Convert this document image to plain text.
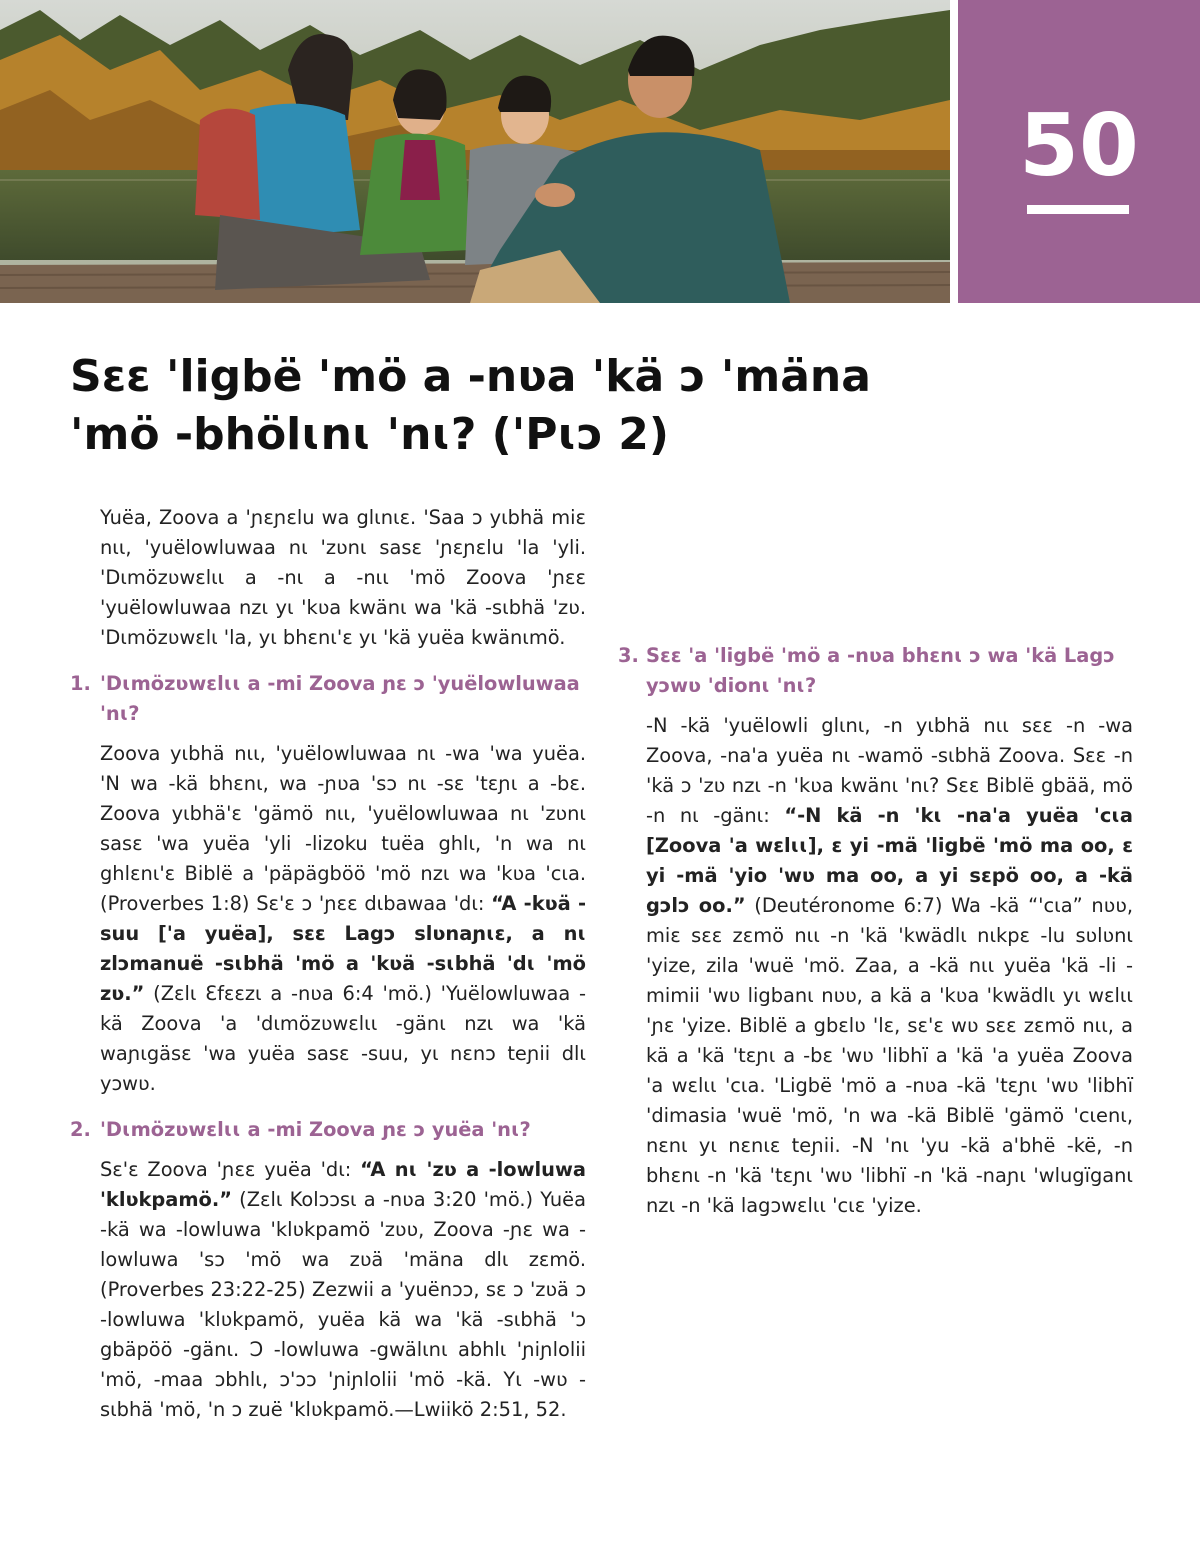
50
Sɛɛ 'ligbë 'mö a -nʋa 'kä ɔ 'mäna 'mö -bhölɩnɩ 'nɩ? ('Pɩɔ 2)

Yuëa, Zoova a 'ɲɛɲɛlu wa glɩnɩɛ. 'Saa ɔ yɩbhä miɛ nɩɩ, 'yuëlowluwaa nɩ 'zʋnɩ sasɛ 'ɲɛɲɛlu 'la 'yli. 'Dɩmözʋwɛlɩɩ a -nɩ a -nɩɩ 'mö Zoova 'ɲɛɛ 'yuëlowluwaa nzɩ yɩ 'kʋa kwänɩ wa 'kä -sɩbhä 'zʋ. 'Dɩmözʋwɛlɩ 'la, yɩ bhɛnɩ'ɛ yɩ 'kä yuëa kwänɩmö.

1. 'Dɩmözʋwɛlɩɩ a -mi Zoova ɲɛ ɔ 'yuëlowluwaa 'nɩ?

Zoova yɩbhä nɩɩ, 'yuëlowluwaa nɩ -wa 'wa yuëa. 'N wa -kä bhɛnɩ, wa -ɲʋa 'sɔ nɩ -sɛ 'tɛɲɩ a -bɛ. Zoova yɩbhä'ɛ 'gämö nɩɩ, 'yuëlowluwaa nɩ 'zʋnɩ sasɛ 'wa yuëa 'yli -lizoku tuëa ghlɩ, 'n wa nɩ ghlɛnɩ'ɛ Biblë a 'päpägböö 'mö nzɩ wa 'kʋa 'cɩa. (Proverbes 1:8) Sɛ'ɛ ɔ 'ɲɛɛ dɩbawaa 'dɩ: “A -kʋä -suu ['a yuëa], sɛɛ Lagɔ slʋnaɲɩɛ, a nɩ zlɔmanuë -sɩbhä 'mö a 'kʋä -sɩbhä 'dɩ 'mö zʋ.” (Zɛlɩ Ɛfɛɛzɩ a -nʋa 6:4 'mö.) 'Yuëlowluwaa -kä Zoova 'a 'dɩmözʋwɛlɩɩ -gänɩ nzɩ wa 'kä waɲɩgäsɛ 'wa yuëa sasɛ -suu, yɩ nɛnɔ teɲii dlɩ yɔwʋ.

2. 'Dɩmözʋwɛlɩɩ a -mi Zoova ɲɛ ɔ yuëa 'nɩ?

Sɛ'ɛ Zoova 'ɲɛɛ yuëa 'dɩ: “A nɩ 'zʋ a -lowluwa 'klʋkpamö.” (Zɛlɩ Kolɔɔsɩ a -nʋa 3:20 'mö.) Yuëa -kä wa -lowluwa 'klʋkpamö 'zʋʋ, Zoova -ɲɛ wa -lowluwa 'sɔ 'mö wa zʋä 'mäna dlɩ zɛmö. (Proverbes 23:22-25) Zezwii a 'yuënɔɔ, sɛ ɔ 'zʋä ɔ -lowluwa 'klʋkpamö, yuëa kä wa 'kä -sɩbhä 'ɔ gbäpöö -gänɩ. Ɔ -lowluwa -gwälɩnɩ abhlɩ 'ɲiɲlolii 'mö, -maa ɔbhlɩ, ɔ'ɔɔ 'ɲiɲlolii 'mö -kä. Yɩ -wʋ -sɩbhä 'mö, 'n ɔ zuë 'klʋkpamö.—Lwiikö 2:51, 52.

3. Sɛɛ 'a 'ligbë 'mö a -nʋa bhɛnɩ ɔ wa 'kä Lagɔ yɔwʋ 'dionɩ 'nɩ?

-N -kä 'yuëlowli glɩnɩ, -n yɩbhä nɩɩ sɛɛ -n -wa Zoova, -na'a yuëa nɩ -wamö -sɩbhä Zoova. Sɛɛ -n 'kä ɔ 'zʋ nzɩ -n 'kʋa kwänɩ 'nɩ? Sɛɛ Biblë gbää, mö -n nɩ -gänɩ: “-N kä -n 'kɩ -na'a yuëa 'cɩa [Zoova 'a wɛlɩɩ], ɛ yi -mä 'ligbë 'mö ma oo, ɛ yi -mä 'yio 'wʋ ma oo, a yi sɛpö oo, a -kä gɔlɔ oo.” (Deutéronome 6:7) Wa -kä “'cɩa” nʋʋ, miɛ sɛɛ zɛmö nɩɩ -n 'kä 'kwädlɩ nɩkpɛ -lu sʋlʋnɩ 'yize, zila 'wuë 'mö. Zaa, a -kä nɩɩ yuëa 'kä -li -mimii 'wʋ ligbanɩ nʋʋ, a kä a 'kʋa 'kwädlɩ yɩ wɛlɩɩ 'ɲɛ 'yize. Biblë a gbɛlʋ 'lɛ, sɛ'ɛ wʋ sɛɛ zɛmö nɩɩ, a kä a 'kä 'tɛɲɩ a -bɛ 'wʋ 'libhï a 'kä 'a yuëa Zoova 'a wɛlɩɩ 'cɩa. 'Ligbë 'mö a -nʋa -kä 'tɛɲɩ 'wʋ 'libhï 'dimasia 'wuë 'mö, 'n wa -kä Biblë 'gämö 'cɩenɩ, nɛnɩ yɩ nɛnɩɛ teɲii. -N 'nɩ 'yu -kä a'bhë -kë, -n bhɛnɩ -n 'kä 'tɛɲɩ 'wʋ 'libhï -n 'kä -naɲɩ 'wlugïganɩ nzɩ -n 'kä lagɔwɛlɩɩ 'cɩɛ 'yize.
